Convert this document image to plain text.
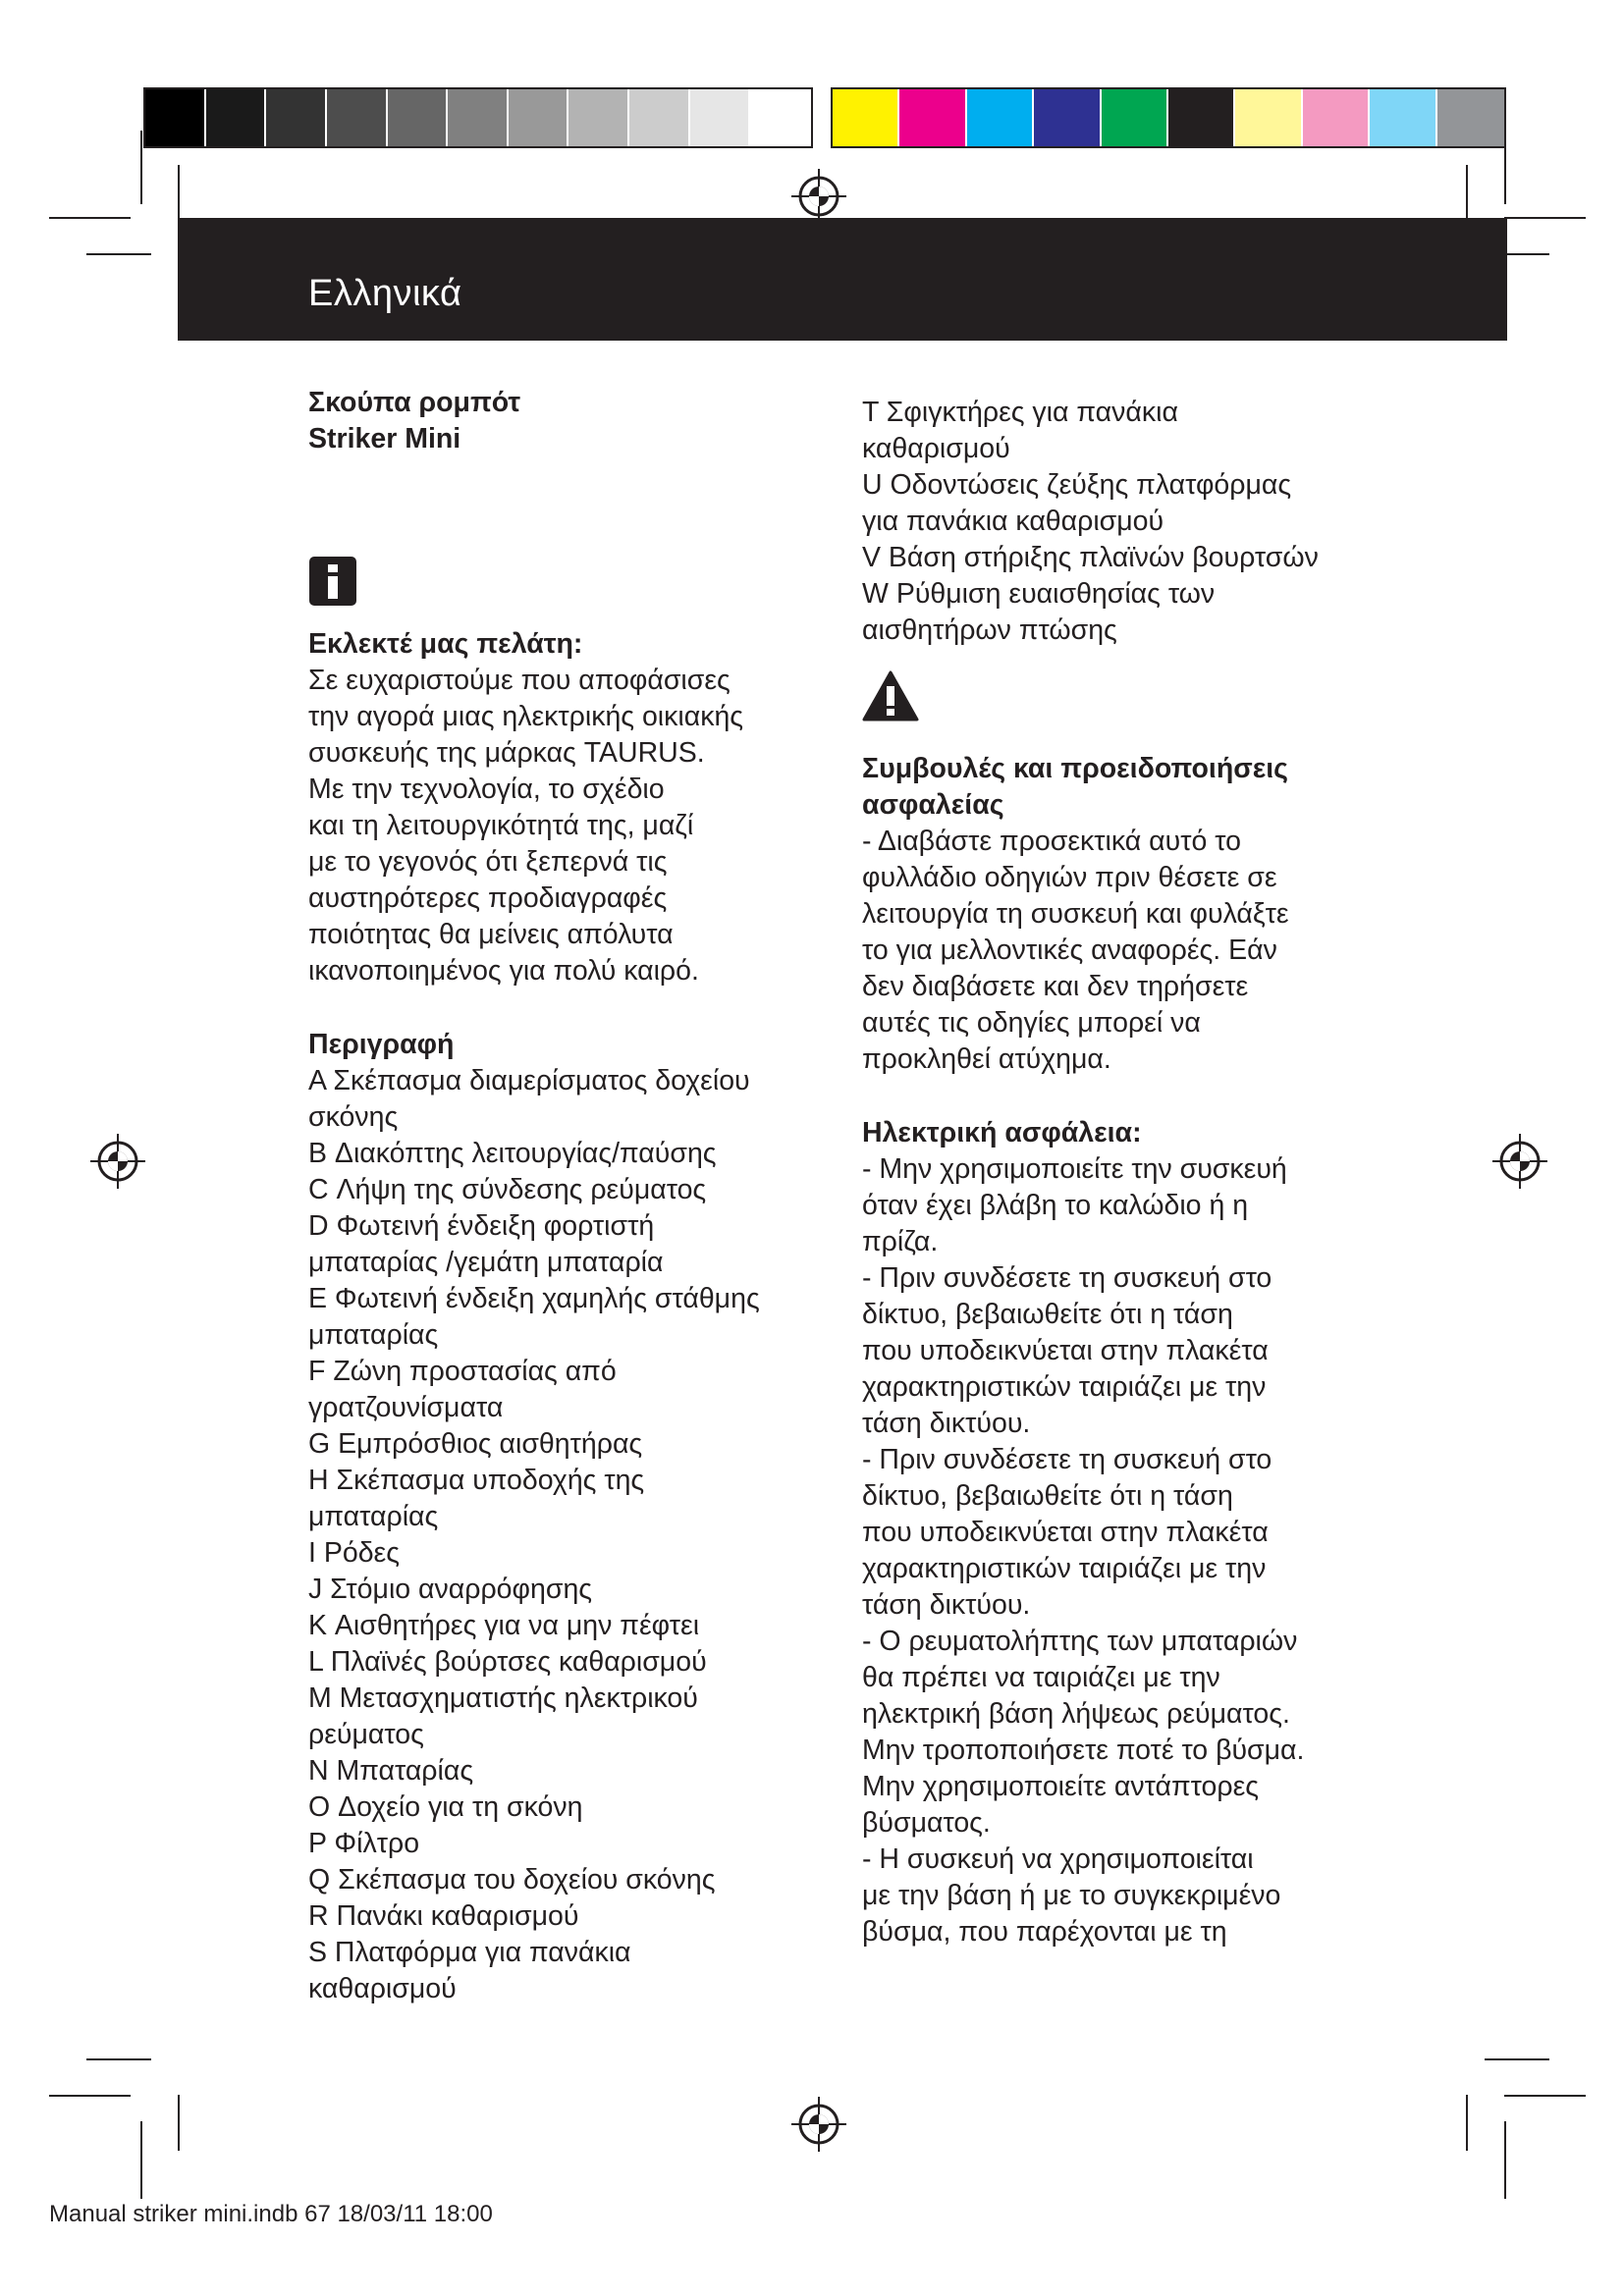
Ελληνικά
Σκούπα ρομπότ
Striker Mini
Εκλεκτέ μας πελάτη:
Σε ευχαριστούμε που αποφάσισες
την αγορά μιας ηλεκτρικής οικιακής
συσκευής της μάρκας TAURUS.
Με την τεχνολογία, το σχέδιο
και τη λειτουργικότητά της, μαζί
με το γεγονός ότι ξεπερνά τις
αυστηρότερες προδιαγραφές
ποιότητας θα μείνεις απόλυτα
ικανοποιημένος για πολύ καιρό.
Περιγραφή
A Σκέπασμα διαμερίσματος δοχείου
σκόνης
B Διακόπτης λειτουργίας/παύσης
C Λήψη της σύνδεσης ρεύματος
D Φωτεινή ένδειξη φορτιστή
μπαταρίας /γεμάτη μπαταρία
E Φωτεινή ένδειξη χαμηλής στάθμης
μπαταρίας
F Ζώνη προστασίας από
γρατζουνίσματα
G Εμπρόσθιος αισθητήρας
H Σκέπασμα υποδοχής της
μπαταρίας
I Ρόδες
J Στόμιο αναρρόφησης
K Αισθητήρες για να μην πέφτει
L Πλαϊνές βούρτσες καθαρισμού
M Μετασχηματιστής ηλεκτρικού
ρεύματος
N Μπαταρίας
O Δοχείο για τη σκόνη
P Φίλτρο
Q Σκέπασμα του δοχείου σκόνης
R Πανάκι καθαρισμού
S Πλατφόρμα για πανάκια
καθαρισμού
T Σφιγκτήρες για πανάκια
καθαρισμού
U Οδοντώσεις ζεύξης πλατφόρμας
για πανάκια καθαρισμού
V Βάση στήριξης πλαϊνών βουρτσών
W Ρύθμιση ευαισθησίας των
αισθητήρων πτώσης
Συμβουλές και προειδοποιήσεις
ασφαλείας
- Διαβάστε προσεκτικά αυτό το
φυλλάδιο οδηγιών πριν θέσετε σε
λειτουργία τη συσκευή και φυλάξτε
το για μελλοντικές αναφορές. Εάν
δεν διαβάσετε και δεν τηρήσετε
αυτές τις οδηγίες μπορεί να
προκληθεί ατύχημα.
Ηλεκτρική ασφάλεια:
- Μην χρησιμοποιείτε την συσκευή
όταν έχει βλάβη το καλώδιο ή η
πρίζα.
- Πριν συνδέσετε τη συσκευή στο
δίκτυο, βεβαιωθείτε ότι η τάση
που υποδεικνύεται στην πλακέτα
χαρακτηριστικών ταιριάζει με την
τάση δικτύου.
- Πριν συνδέσετε τη συσκευή στο
δίκτυο, βεβαιωθείτε ότι η τάση
που υποδεικνύεται στην πλακέτα
χαρακτηριστικών ταιριάζει με την
τάση δικτύου.
- Ο ρευματολήπτης των μπαταριών
θα πρέπει να ταιριάζει με την
ηλεκτρική βάση λήψεως ρεύματος.
Μην τροποποιήσετε ποτέ το βύσμα.
Μην χρησιμοποιείτε αντάπτορες
βύσματος.
- Η συσκευή να χρησιμοποιείται
με την βάση ή με το συγκεκριμένο
βύσμα, που παρέχονται με τη
Manual striker mini.indb 67 18/03/11 18:00
